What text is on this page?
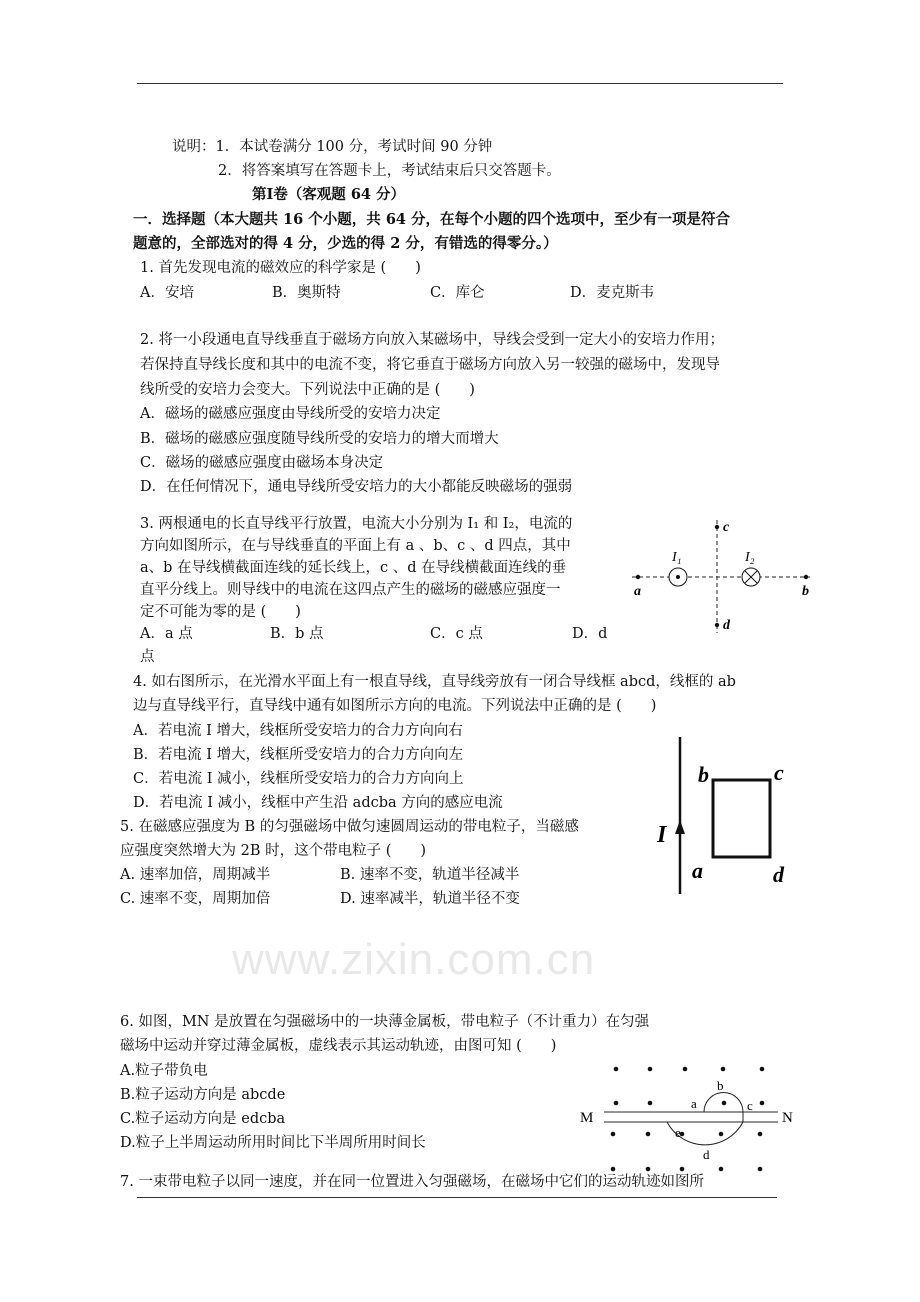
www.zixin.com.cn
说明：1．本试卷满分 100 分，考试时间 90 分钟
2．将答案填写在答题卡上，考试结束后只交答题卡。
第Ⅰ卷（客观题 64 分）
一．选择题（本大题共 16 个小题，共 64 分，在每个小题的四个选项中，至少有一项是符合
题意的，全部选对的得 4 分，少选的得 2 分，有错选的得零分。）
1. 首先发现电流的磁效应的科学家是 (　　)
A．安培	B．奥斯特	C．库仑	D．麦克斯韦
2. 将一小段通电直导线垂直于磁场方向放入某磁场中，导线会受到一定大小的安培力作用；
若保持直导线长度和其中的电流不变，将它垂直于磁场方向放入另一较强的磁场中，发现导
线所受的安培力会变大。下列说法中正确的是 (　　)
A．磁场的磁感应强度由导线所受的安培力决定
B．磁场的磁感应强度随导线所受的安培力的增大而增大
C．磁场的磁感应强度由磁场本身决定
D．在任何情况下，通电导线所受安培力的大小都能反映磁场的强弱
3. 两根通电的长直导线平行放置，电流大小分别为 I₁ 和 I₂，电流的
方向如图所示，在与导线垂直的平面上有 a 、b、c 、d 四点，其中
a、b 在导线横截面连线的延长线上，c 、d 在导线横截面连线的垂
直平分线上。则导线中的电流在这四点产生的磁场的磁感应强度一
定不可能为零的是 (　　)
A．a 点	B．b 点	C．c 点	D．d
点
a	b
c
d
I₁	I₂
4. 如右图所示，在光滑水平面上有一根直导线，直导线旁放有一闭合导线框 abcd，线框的 ab
边与直导线平行，直导线中通有如图所示方向的电流。下列说法中正确的是 (　　)
A．若电流 I 增大，线框所受安培力的合力方向向右
B．若电流 I 增大，线框所受安培力的合力方向向左
C．若电流 I 减小，线框所受安培力的合力方向向上
D．若电流 I 减小，线框中产生沿 adcba 方向的感应电流
I
a
b	c
d
5. 在磁感应强度为 B 的匀强磁场中做匀速圆周运动的带电粒子，当磁感
应强度突然增大为 2B 时，这个带电粒子 (　　)
A. 速率加倍，周期减半	B. 速率不变，轨道半径减半
C. 速率不变，周期加倍	D. 速率减半，轨道半径不变
6. 如图，MN 是放置在匀强磁场中的一块薄金属板，带电粒子（不计重力）在匀强
磁场中运动并穿过薄金属板，虚线表示其运动轨迹，由图可知 (　　)
A.粒子带负电
B.粒子运动方向是 abcde
C.粒子运动方向是 edcba
D.粒子上半周运动所用时间比下半周所用时间长
M	N
a
b
c
d
e
7. 一束带电粒子以同一速度，并在同一位置进入匀强磁场，在磁场中它们的运动轨迹如图所
